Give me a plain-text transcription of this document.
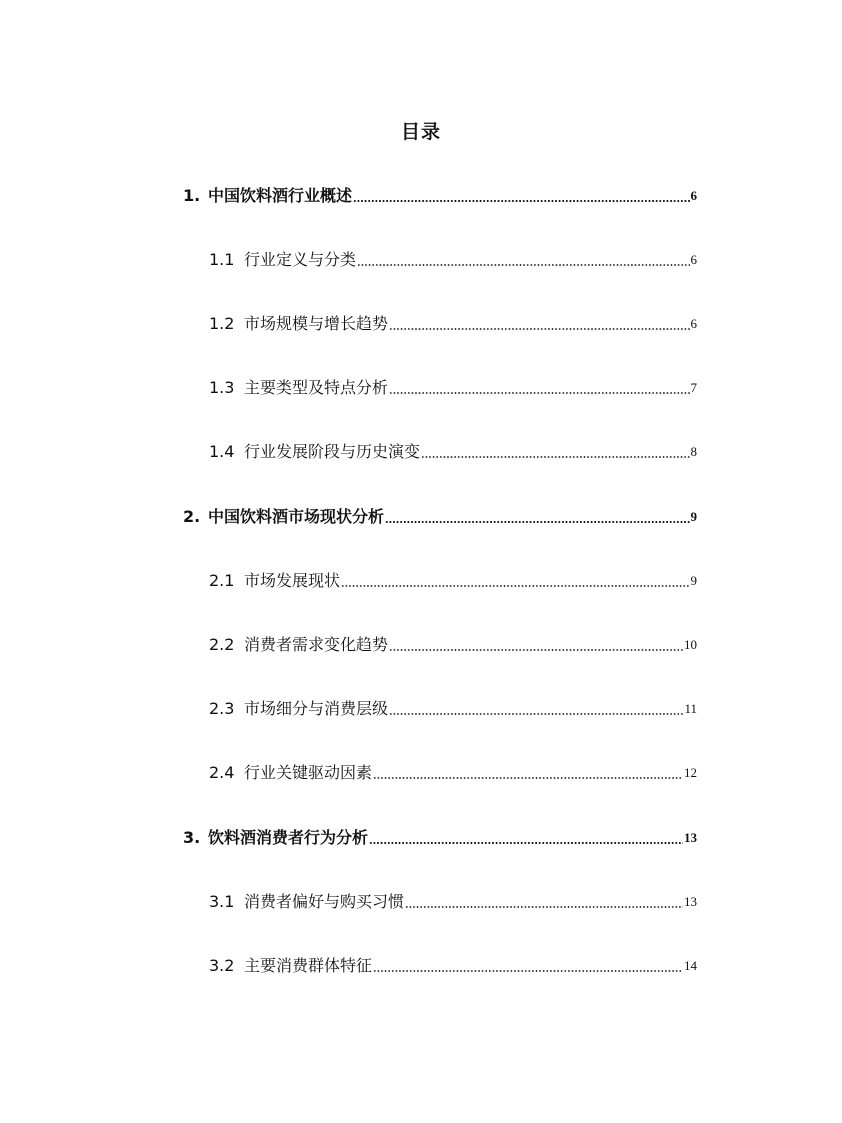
目录
1. 中国饮料酒行业概述	6
1.1 行业定义与分类	6
1.2 市场规模与增长趋势	6
1.3 主要类型及特点分析	7
1.4 行业发展阶段与历史演变	8
2. 中国饮料酒市场现状分析	9
2.1 市场发展现状	9
2.2 消费者需求变化趋势	10
2.3 市场细分与消费层级	11
2.4 行业关键驱动因素	12
3. 饮料酒消费者行为分析	13
3.1 消费者偏好与购买习惯	13
3.2 主要消费群体特征	14
